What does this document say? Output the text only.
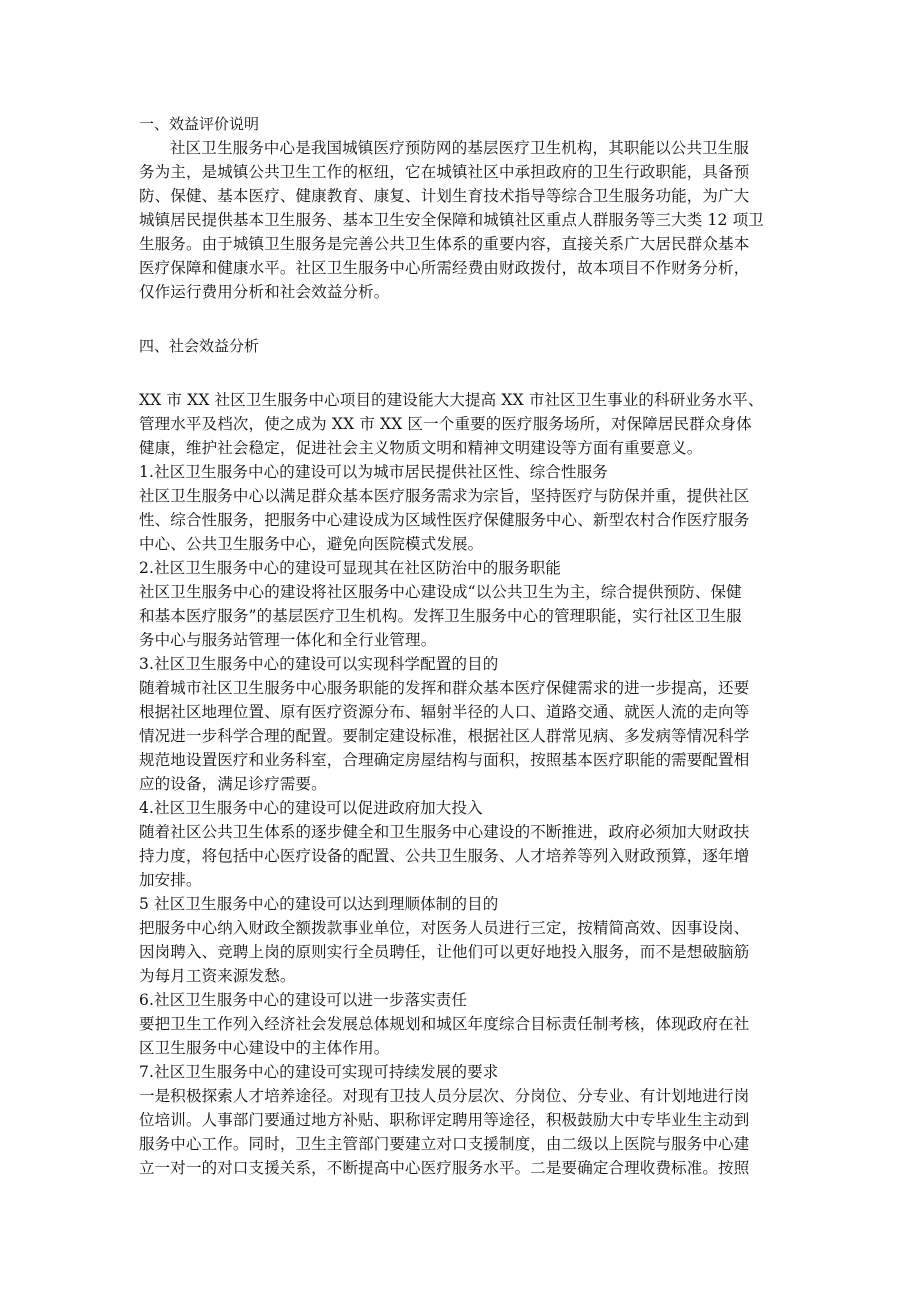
一、效益评价说明
社区卫生服务中心是我国城镇医疗预防网的基层医疗卫生机构，其职能以公共卫生服
务为主，是城镇公共卫生工作的枢纽，它在城镇社区中承担政府的卫生行政职能，具备预
防、保健、基本医疗、健康教育、康复、计划生育技术指导等综合卫生服务功能，为广大
城镇居民提供基本卫生服务、基本卫生安全保障和城镇社区重点人群服务等三大类 12 项卫
生服务。由于城镇卫生服务是完善公共卫生体系的重要内容，直接关系广大居民群众基本
医疗保障和健康水平。社区卫生服务中心所需经费由财政拨付，故本项目不作财务分析，
仅作运行费用分析和社会效益分析。
四、社会效益分析
XX 市 XX 社区卫生服务中心项目的建设能大大提高 XX 市社区卫生事业的科研业务水平、
管理水平及档次，使之成为 XX 市 XX 区一个重要的医疗服务场所，对保障居民群众身体
健康，维护社会稳定，促进社会主义物质文明和精神文明建设等方面有重要意义。
1.社区卫生服务中心的建设可以为城市居民提供社区性、综合性服务
社区卫生服务中心以满足群众基本医疗服务需求为宗旨，坚持医疗与防保并重，提供社区
性、综合性服务，把服务中心建设成为区域性医疗保健服务中心、新型农村合作医疗服务
中心、公共卫生服务中心，避免向医院模式发展。
2.社区卫生服务中心的建设可显现其在社区防治中的服务职能
社区卫生服务中心的建设将社区服务中心建设成“以公共卫生为主，综合提供预防、保健
和基本医疗服务”的基层医疗卫生机构。发挥卫生服务中心的管理职能，实行社区卫生服
务中心与服务站管理一体化和全行业管理。
3.社区卫生服务中心的建设可以实现科学配置的目的
随着城市社区卫生服务中心服务职能的发挥和群众基本医疗保健需求的进一步提高，还要
根据社区地理位置、原有医疗资源分布、辐射半径的人口、道路交通、就医人流的走向等
情况进一步科学合理的配置。要制定建设标准，根据社区人群常见病、多发病等情况科学
规范地设置医疗和业务科室，合理确定房屋结构与面积，按照基本医疗职能的需要配置相
应的设备，满足诊疗需要。
4.社区卫生服务中心的建设可以促进政府加大投入
随着社区公共卫生体系的逐步健全和卫生服务中心建设的不断推进，政府必须加大财政扶
持力度，将包括中心医疗设备的配置、公共卫生服务、人才培养等列入财政预算，逐年增
加安排。
5 社区卫生服务中心的建设可以达到理顺体制的目的
把服务中心纳入财政全额拨款事业单位，对医务人员进行三定，按精简高效、因事设岗、
因岗聘入、竞聘上岗的原则实行全员聘任，让他们可以更好地投入服务，而不是想破脑筋
为每月工资来源发愁。
6.社区卫生服务中心的建设可以进一步落实责任
要把卫生工作列入经济社会发展总体规划和城区年度综合目标责任制考核，体现政府在社
区卫生服务中心建设中的主体作用。
7.社区卫生服务中心的建设可实现可持续发展的要求
一是积极探索人才培养途径。对现有卫技人员分层次、分岗位、分专业、有计划地进行岗
位培训。人事部门要通过地方补贴、职称评定聘用等途径，积极鼓励大中专毕业生主动到
服务中心工作。同时，卫生主管部门要建立对口支援制度，由二级以上医院与服务中心建
立一对一的对口支援关系，不断提高中心医疗服务水平。二是要确定合理收费标准。按照
